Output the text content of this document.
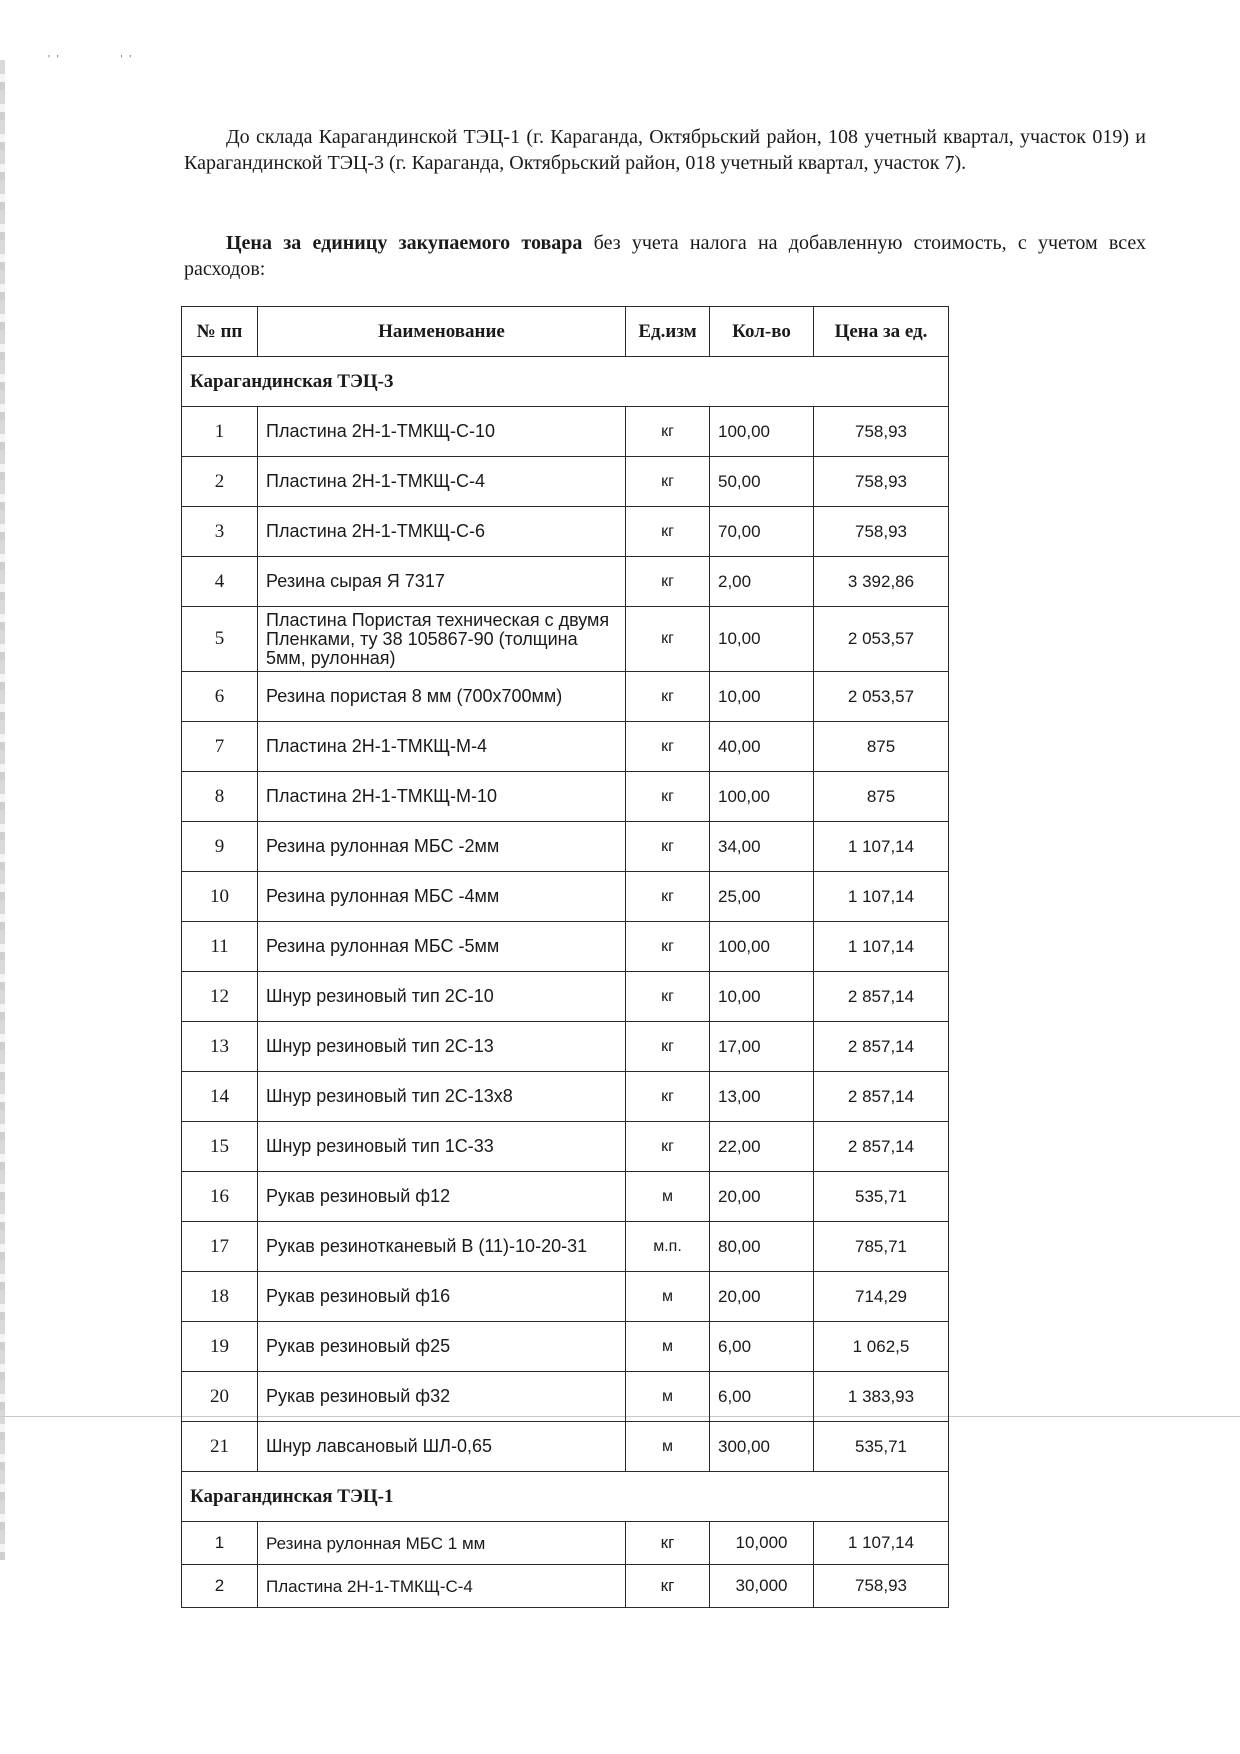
' '	' '
До склада Карагандинской ТЭЦ-1 (г. Караганда, Октябрьский район, 108 учетный квартал, участок 019) и Карагандинской ТЭЦ-3 (г. Караганда, Октябрьский район, 018 учетный квартал, участок 7).
Цена за единицу закупаемого товара без учета налога на добавленную стоимость, с учетом всех расходов:
№ пп	Наименование	Ед.изм	Кол-во	Цена за ед.
Карагандинская ТЭЦ-3				
1	Пластина 2Н-1-ТМКЩ-С-10	кг	100,00	758,93
2	Пластина 2Н-1-ТМКЩ-С-4	кг	50,00	758,93
3	Пластина 2Н-1-ТМКЩ-С-6	кг	70,00	758,93
4	Резина сырая Я 7317	кг	2,00	3 392,86
5	Пластина Пористая техническая с двумя Пленками, ту 38 105867-90 (толщина 5мм, рулонная)	кг	10,00	2 053,57
6	Резина пористая 8 мм (700х700мм)	кг	10,00	2 053,57
7	Пластина 2Н-1-ТМКЩ-М-4	кг	40,00	875
8	Пластина 2Н-1-ТМКЩ-М-10	кг	100,00	875
9	Резина рулонная МБС -2мм	кг	34,00	1 107,14
10	Резина рулонная МБС -4мм	кг	25,00	1 107,14
11	Резина рулонная МБС -5мм	кг	100,00	1 107,14
12	Шнур резиновый тип 2С-10	кг	10,00	2 857,14
13	Шнур резиновый тип 2С-13	кг	17,00	2 857,14
14	Шнур резиновый тип 2С-13х8	кг	13,00	2 857,14
15	Шнур резиновый тип 1С-33	кг	22,00	2 857,14
16	Рукав резиновый ф12	м	20,00	535,71
17	Рукав резинотканевый В (11)-10-20-31	м.п.	80,00	785,71
18	Рукав резиновый ф16	м	20,00	714,29
19	Рукав резиновый ф25	м	6,00	1 062,5
20	Рукав резиновый ф32	м	6,00	1 383,93
21	Шнур лавсановый ШЛ-0,65	м	300,00	535,71
Карагандинская ТЭЦ-1				
1	Резина рулонная МБС 1 мм	кг	10,000	1 107,14
2	Пластина 2Н-1-ТМКЩ-С-4	кг	30,000	758,93
